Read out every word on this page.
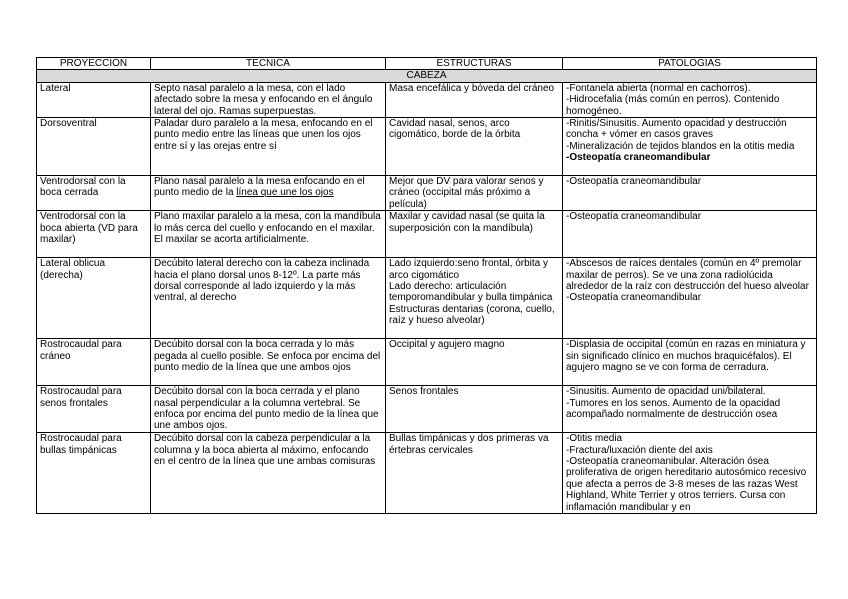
PROYECCIÓN	TECNICA	ESTRUCTURAS	PATOLOGÍAS
CABEZA			
Lateral	Septo nasal paralelo a la mesa, con el lado afectado sobre la mesa y enfocando en el ángulo lateral del ojo. Ramas superpuestas.	Masa encefálica y bóveda del cráneo	-Fontanela abierta (normal en cachorros).
-Hidrocefalia (más común en perros). Contenido homogéneo.

Dorsoventral	Paladar duro paralelo a la mesa, enfocando en el punto medio entre las líneas que unen los ojos entre sí y las orejas entre sí	Cavidad nasal, senos, arco cigomático, borde de la órbita	-Rinitis/Sinusitis. Aumento opacidad y destrucción concha + vómer en casos graves
-Mineralización de tejidos blandos en la otitis media
-Osteopatía craneomandibular

Ventrodorsal con la boca cerrada	Plano nasal paralelo a la mesa enfocando en el punto medio de la línea que une los ojos	Mejor que DV para valorar senos y cráneo (occipital más próximo a película)	-Osteopatía craneomandibular

Ventrodorsal con la boca abierta (VD para maxilar)	Plano maxilar paralelo a la mesa, con la mandíbula lo más cerca del cuello y enfocando en el maxilar. El maxilar se acorta artificialmente.	Maxilar y cavidad nasal (se quita la superposición con la mandíbula)	-Osteopatía craneomandibular

Lateral oblicua (derecha)	Decúbito lateral derecho con la cabeza inclinada hacia el plano dorsal unos 8-12º. La parte más dorsal corresponde al lado izquierdo y la más ventral, al derecho	Lado izquierdo:seno frontal, órbita y arco cigomático
Lado derecho: articulación temporomandibular y bulla timpánica
Estructuras dentarias (corona, cuello, raíz y hueso alveolar)	-Abscesos de raíces dentales (común en 4º premolar maxilar de perros). Se ve una zona radiolúcida alrededor de la raíz con destrucción del hueso alveolar
-Osteopatía craneomandibular

Rostrocaudal para cráneo	Decúbito dorsal con la boca cerrada y lo más pegada al cuello posible. Se enfoca por encima del punto medio de la línea que une ambos ojos	Occipital y agujero magno	-Displasia de occipital (común en razas en miniatura y sin significado clínico en muchos braquicéfalos). El agujero magno se ve con forma de cerradura.

Rostrocaudal para senos frontales	Decúbito dorsal con la boca cerrada y el plano nasal perpendicular a la columna vertebral. Se enfoca por encima del punto medio de la línea que une ambos ojos.	Senos frontales	-Sinusitis. Aumento de opacidad uni/bilateral.
-Tumores en los senos. Aumento de la opacidad acompañado normalmente de destrucción osea

Rostrocaudal para bullas timpánicas	Decúbito dorsal con la cabeza perpendicular a la columna y la boca abierta al máximo, enfocando en el centro de la línea que une ambas comisuras	Bullas timpánicas y dos primeras va értebras cervicales	-Otitis media
-Fractura/luxación diente del axis
-Osteopatía craneomanibular. Alteración ósea proliferativa de origen hereditario autosómico recesivo que afecta a perros de 3-8 meses de las razas West Highland, White Terrier y otros terriers. Cursa con inflamación mandibular y en
